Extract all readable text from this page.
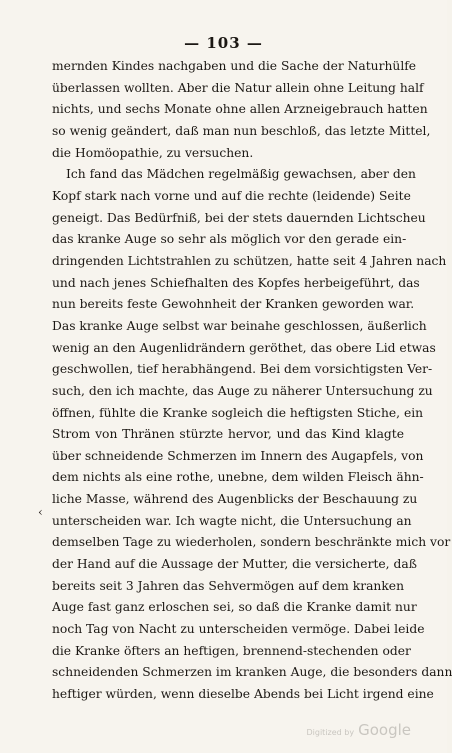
— 103 —
mernden Kindes nachgaben und die Sache der Naturhülfe
überlassen wollten. Aber die Natur allein ohne Leitung half
nichts, und sechs Monate ohne allen Arzneigebrauch hatten
so wenig geändert, daß man nun beschloß, das letzte Mittel,
die Homöopathie, zu versuchen.
Ich fand das Mädchen regelmäßig gewachsen, aber den
Kopf stark nach vorne und auf die rechte (leidende) Seite
geneigt. Das Bedürfniß, bei der stets dauernden Lichtscheu
das kranke Auge so sehr als möglich vor den gerade ein-
dringenden Lichtstrahlen zu schützen, hatte seit 4 Jahren nach
und nach jenes Schiefhalten des Kopfes herbeigeführt, das
nun bereits feste Gewohnheit der Kranken geworden war.
Das kranke Auge selbst war beinahe geschlossen, äußerlich
wenig an den Augenlidrändern geröthet, das obere Lid etwas
geschwollen, tief herabhängend. Bei dem vorsichtigsten Ver-
such, den ich machte, das Auge zu näherer Untersuchung zu
öffnen, fühlte die Kranke sogleich die heftigsten Stiche, ein
Strom von Thränen stürzte hervor, und das Kind klagte
über schneidende Schmerzen im Innern des Augapfels, von
dem nichts als eine rothe, unebne, dem wilden Fleisch ähn-
liche Masse, während des Augenblicks der Beschauung zu
unterscheiden war. Ich wagte nicht, die Untersuchung an
demselben Tage zu wiederholen, sondern beschränkte mich vor
der Hand auf die Aussage der Mutter, die versicherte, daß
bereits seit 3 Jahren das Sehvermögen auf dem kranken
Auge fast ganz erloschen sei, so daß die Kranke damit nur
noch Tag von Nacht zu unterscheiden vermöge. Dabei leide
die Kranke öfters an heftigen, brennend-stechenden oder
schneidenden Schmerzen im kranken Auge, die besonders dann
heftiger würden, wenn dieselbe Abends bei Licht irgend eine
‹
Digitized by Google
